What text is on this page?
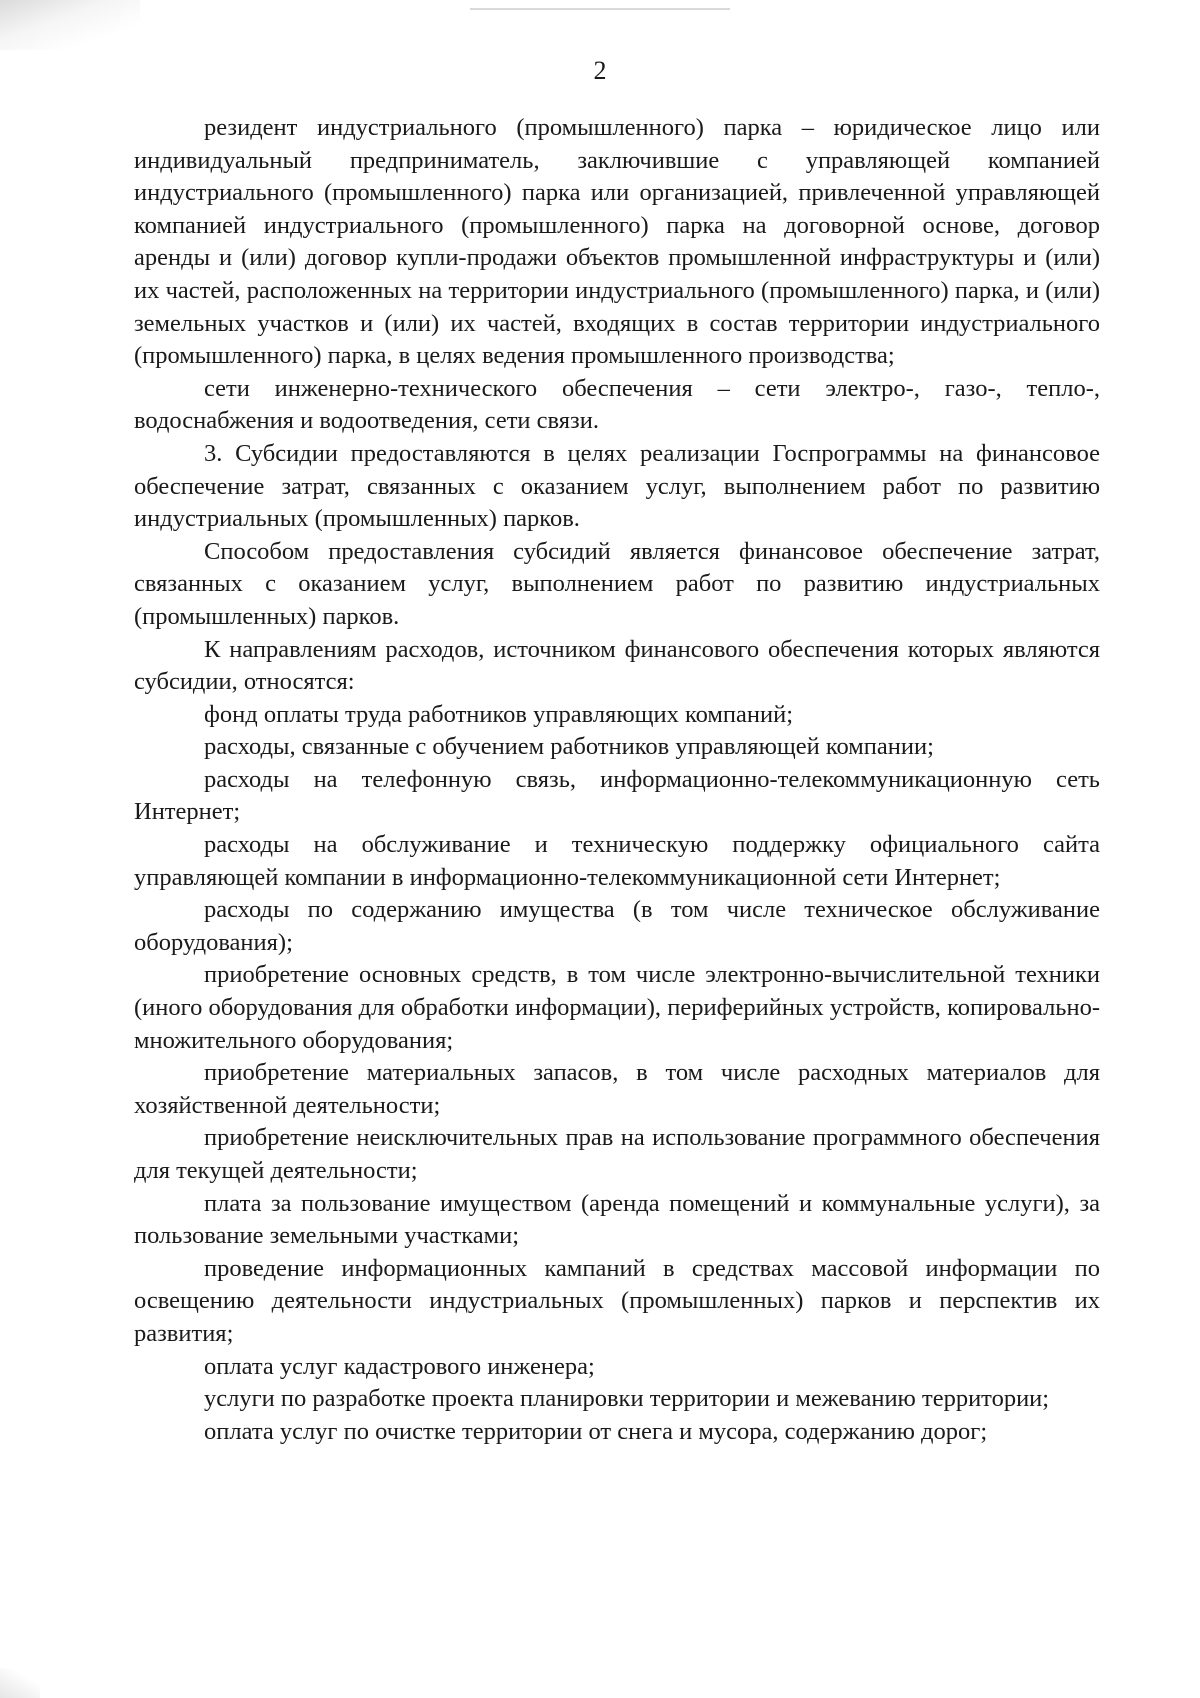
2

резидент индустриального (промышленного) парка – юридическое лицо или индивидуальный предприниматель, заключившие с управляющей компанией индустриального (промышленного) парка или организацией, привлеченной управляющей компанией индустриального (промышленного) парка на договорной основе, договор аренды и (или) договор купли-продажи объектов промышленной инфраструктуры и (или) их частей, расположенных на территории индустриального (промышленного) парка, и (или) земельных участков и (или) их частей, входящих в состав территории индустриального (промышленного) парка, в целях ведения промышленного производства;

сети инженерно-технического обеспечения – сети электро-, газо-, тепло-, водоснабжения и водоотведения, сети связи.

3. Субсидии предоставляются в целях реализации Госпрограммы на финансовое обеспечение затрат, связанных с оказанием услуг, выполнением работ по развитию индустриальных (промышленных) парков.

Способом предоставления субсидий является финансовое обеспечение затрат, связанных с оказанием услуг, выполнением работ по развитию индустриальных (промышленных) парков.

К направлениям расходов, источником финансового обеспечения которых являются субсидии, относятся:

фонд оплаты труда работников управляющих компаний;

расходы, связанные с обучением работников управляющей компании;

расходы на телефонную связь, информационно-телекоммуникационную сеть Интернет;

расходы на обслуживание и техническую поддержку официального сайта управляющей компании в информационно-телекоммуникационной сети Интернет;

расходы по содержанию имущества (в том числе техническое обслуживание оборудования);

приобретение основных средств, в том числе электронно-вычислительной техники (иного оборудования для обработки информации), периферийных устройств, копировально-множительного оборудования;

приобретение материальных запасов, в том числе расходных материалов для хозяйственной деятельности;

приобретение неисключительных прав на использование программного обеспечения для текущей деятельности;

плата за пользование имуществом (аренда помещений и коммунальные услуги), за пользование земельными участками;

проведение информационных кампаний в средствах массовой информации по освещению деятельности индустриальных (промышленных) парков и перспектив их развития;

оплата услуг кадастрового инженера;

услуги по разработке проекта планировки территории и межеванию территории;

оплата услуг по очистке территории от снега и мусора, содержанию дорог;
